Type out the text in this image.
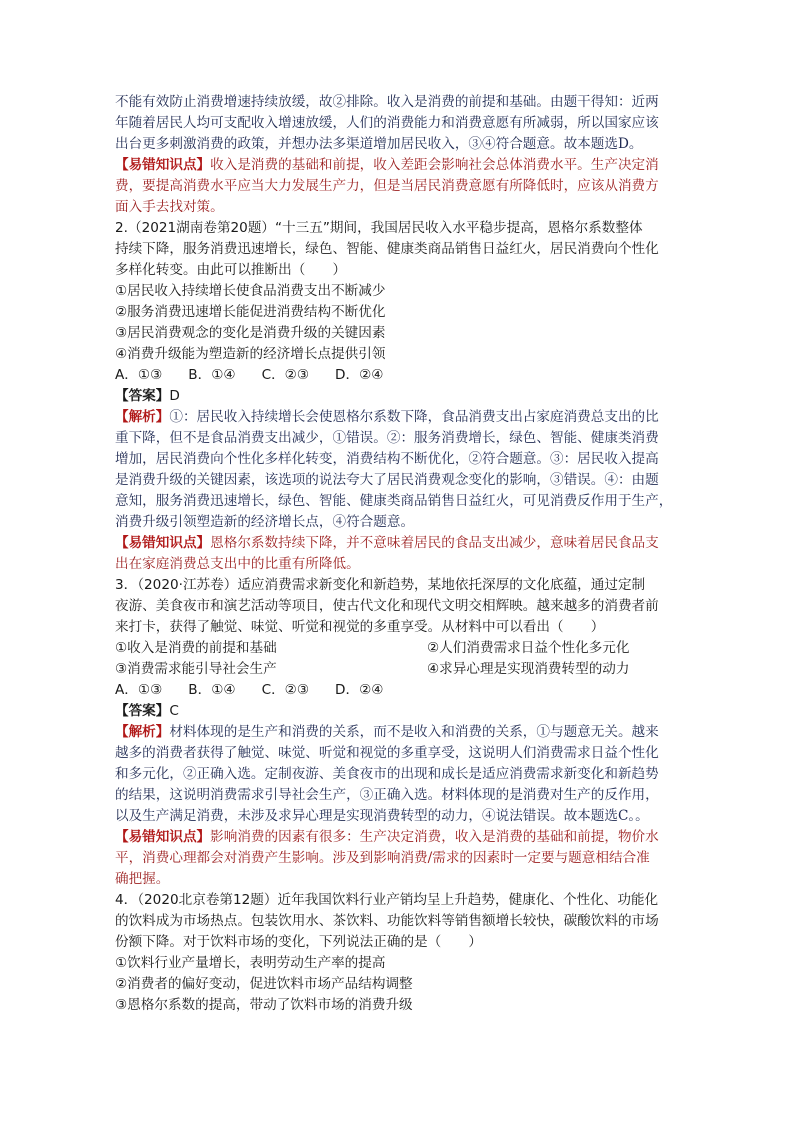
不能有效防止消费增速持续放缓，故②排除。收入是消费的前提和基础。由题干得知：近两

年随着居民人均可支配收入增速放缓，人们的消费能力和消费意愿有所减弱，所以国家应该

出台更多刺激消费的政策，并想办法多渠道增加居民收入，③④符合题意。故本题选D。

【易错知识点】收入是消费的基础和前提，收入差距会影响社会总体消费水平。生产决定消

费，要提高消费水平应当大力发展生产力，但是当居民消费意愿有所降低时，应该从消费方

面入手去找对策。

2.（2021湖南卷第20题）“十三五”期间，我国居民收入水平稳步提高，恩格尔系数整体

持续下降，服务消费迅速增长，绿色、智能、健康类商品销售日益红火，居民消费向个性化

多样化转变。由此可以推断出（　　）

①居民收入持续增长使食品消费支出不断减少

②服务消费迅速增长能促进消费结构不断优化

③居民消费观念的变化是消费升级的关键因素

④消费升级能为塑造新的经济增长点提供引领

A．①③ B．①④ C．②③ D．②④

【答案】D

【解析】①：居民收入持续增长会使恩格尔系数下降，食品消费支出占家庭消费总支出的比

重下降，但不是食品消费支出减少，①错误。②：服务消费增长，绿色、智能、健康类消费

增加，居民消费向个性化多样化转变，消费结构不断优化，②符合题意。③：居民收入提高

是消费升级的关键因素，该选项的说法夸大了居民消费观念变化的影响，③错误。④：由题

意知，服务消费迅速增长，绿色、智能、健康类商品销售日益红火，可见消费反作用于生产，

消费升级引领塑造新的经济增长点，④符合题意。

【易错知识点】恩格尔系数持续下降，并不意味着居民的食品支出减少，意味着居民食品支

出在家庭消费总支出中的比重有所降低。

3．（2020·江苏卷）适应消费需求新变化和新趋势，某地依托深厚的文化底蕴，通过定制

夜游、美食夜市和演艺活动等项目，使古代文化和现代文明交相辉映。越来越多的消费者前

来打卡，获得了触觉、味觉、听觉和视觉的多重享受。从材料中可以看出（　　）

①收入是消费的前提和基础	②人们消费需求日益个性化多元化
③消费需求能引导社会生产	④求异心理是实现消费转型的动力
A．①③ B．①④ C．②③ D．②④

【答案】C

【解析】材料体现的是生产和消费的关系，而不是收入和消费的关系，①与题意无关。越来

越多的消费者获得了触觉、味觉、听觉和视觉的多重享受，这说明人们消费需求日益个性化

和多元化，②正确入选。定制夜游、美食夜市的出现和成长是适应消费需求新变化和新趋势

的结果，这说明消费需求引导社会生产，③正确入选。材料体现的是消费对生产的反作用，

以及生产满足消费，未涉及求异心理是实现消费转型的动力，④说法错误。故本题选C。。

【易错知识点】影响消费的因素有很多：生产决定消费，收入是消费的基础和前提，物价水

平，消费心理都会对消费产生影响。涉及到影响消费/需求的因素时一定要与题意相结合准

确把握。

4．（2020北京卷第12题）近年我国饮料行业产销均呈上升趋势，健康化、个性化、功能化

的饮料成为市场热点。包装饮用水、茶饮料、功能饮料等销售额增长较快，碳酸饮料的市场

份额下降。对于饮料市场的变化，下列说法正确的是（　　）

①饮料行业产量增长，表明劳动生产率的提高

②消费者的偏好变动，促进饮料市场产品结构调整

③恩格尔系数的提高，带动了饮料市场的消费升级
